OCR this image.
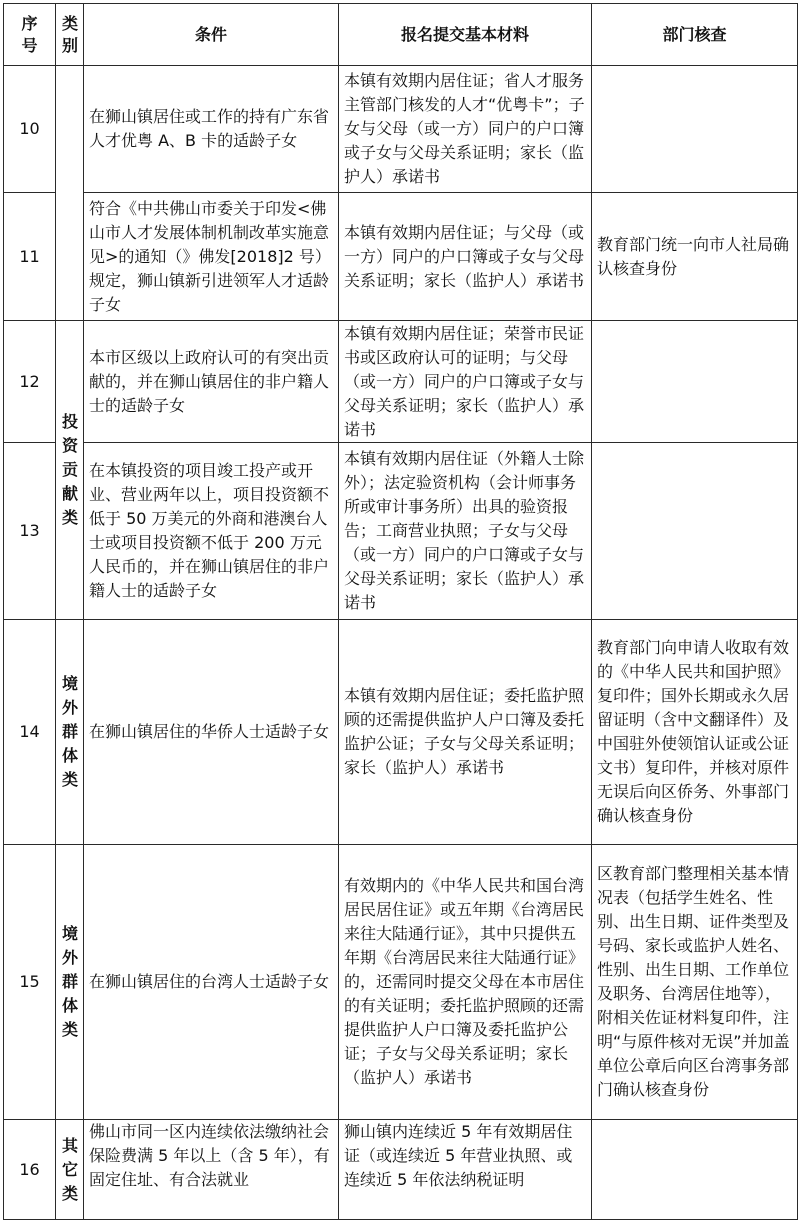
序号	类别	条件	报名提交基本材料	部门核查
10		在狮山镇居住或工作的持有广东省人才优粤 A、B 卡的适龄子女	本镇有效期内居住证；省人才服务主管部门核发的人才“优粤卡”；子女与父母（或一方）同户的户口簿或子女与父母关系证明；家长（监护人）承诺书	
11		符合《中共佛山市委关于印发<佛山市人才发展体制机制改革实施意见>的通知（》佛发[2018]2 号）规定，狮山镇新引进领军人才适龄子女	本镇有效期内居住证；与父母（或一方）同户的户口簿或子女与父母关系证明；家长（监护人）承诺书	教育部门统一向市人社局确认核查身份
12	投资贡献类	本市区级以上政府认可的有突出贡献的，并在狮山镇居住的非户籍人士的适龄子女	本镇有效期内居住证；荣誉市民证书或区政府认可的证明；与父母（或一方）同户的户口簿或子女与父母关系证明；家长（监护人）承诺书	
13		在本镇投资的项目竣工投产或开业、营业两年以上，项目投资额不低于 50 万美元的外商和港澳台人士或项目投资额不低于 200 万元人民币的，并在狮山镇居住的非户籍人士的适龄子女	本镇有效期内居住证（外籍人士除外）；法定验资机构（会计师事务所或审计事务所）出具的验资报告；工商营业执照；子女与父母（或一方）同户的户口簿或子女与父母关系证明；家长（监护人）承诺书	
14	境外群体类	在狮山镇居住的华侨人士适龄子女	本镇有效期内居住证；委托监护照顾的还需提供监护人户口簿及委托监护公证；子女与父母关系证明；家长（监护人）承诺书	教育部门向申请人收取有效的《中华人民共和国护照》复印件；国外长期或永久居留证明（含中文翻译件）及中国驻外使领馆认证或公证文书）复印件，并核对原件无误后向区侨务、外事部门确认核查身份
15	境外群体类	在狮山镇居住的台湾人士适龄子女	有效期内的《中华人民共和国台湾居民居住证》或五年期《台湾居民来往大陆通行证》，其中只提供五年期《台湾居民来往大陆通行证》的，还需同时提交父母在本市居住的有关证明；委托监护照顾的还需提供监护人户口簿及委托监护公证；子女与父母关系证明；家长（监护人）承诺书	区教育部门整理相关基本情况表（包括学生姓名、性别、出生日期、证件类型及号码、家长或监护人姓名、性别、出生日期、工作单位及职务、台湾居住地等），附相关佐证材料复印件，注明“与原件核对无误”并加盖单位公章后向区台湾事务部门确认核查身份
16	其它类	佛山市同一区内连续依法缴纳社会保险费满 5 年以上（含 5 年），有固定住址、有合法就业	狮山镇内连续近 5 年有效期居住证（或连续近 5 年营业执照、或连续近 5 年依法纳税证明	
